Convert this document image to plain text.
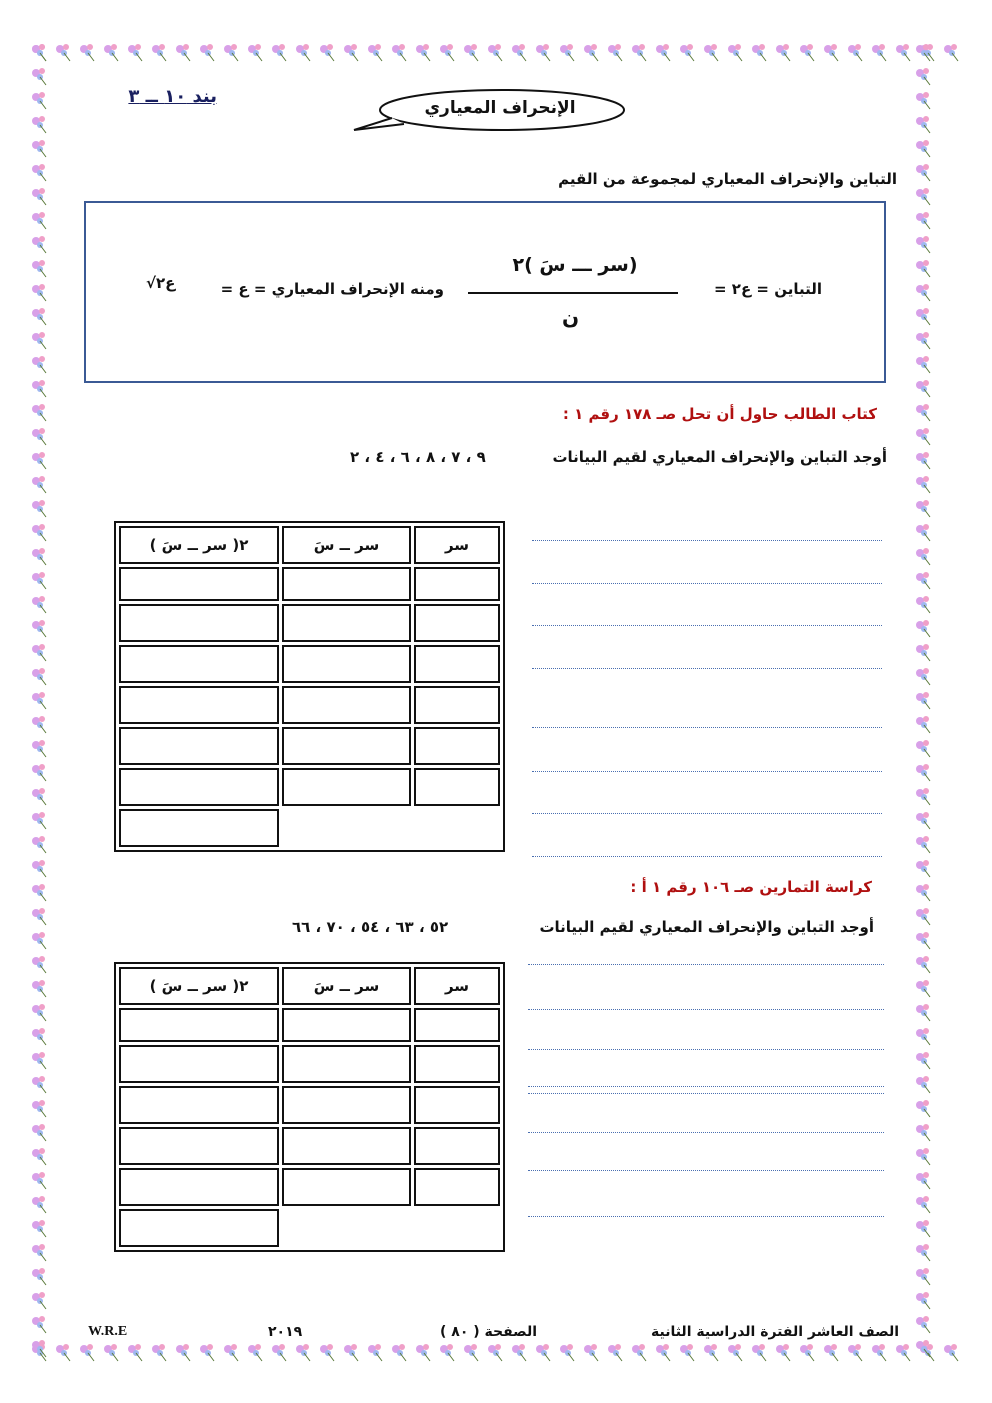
بند ١٠ ــ ٣
الإنحراف المعياري
التباين والإنحراف المعياري لمجموعة من القيم
التباين = ع٢ =
(سر ـــ سَ )٢
ن
ومنه الإنحراف المعياري = ع =
√ع٢
كتاب الطالب حاول أن تحل صـ ١٧٨ رقم ١ :
أوجد التباين والإنحراف المعياري لقيم البيانات
٩ ، ٧ ، ٨ ، ٦ ، ٤ ، ٢
( سر ــ سَ )٢	سر ــ سَ	سر

كراسة التمارين صـ ١٠٦ رقم ١ أ :
أوجد التباين والإنحراف المعياري لقيم البيانات
٥٢ ، ٦٣ ، ٥٤ ، ٧٠ ، ٦٦
( سر ــ سَ )٢	سر ــ سَ	سر

الصف العاشر الفترة الدراسية الثانية
الصفحة ( ٨٠ )
٢٠١٩
W.R.E
